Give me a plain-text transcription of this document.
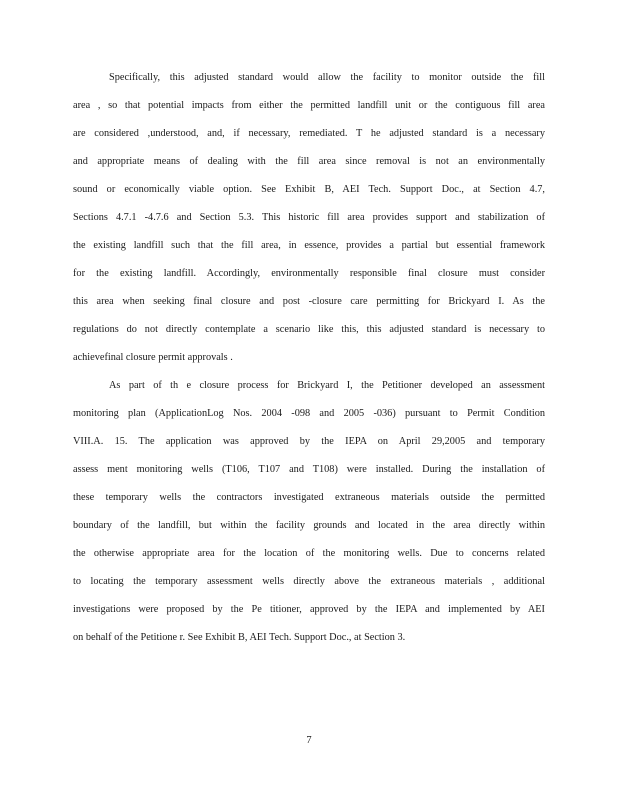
Specifically, this adjusted standard would allow the facility to monitor outside the fill
area , so that potential impacts from either the permitted landfill unit or the contiguous fill area
are considered ,understood, and, if necessary, remediated. T he adjusted standard is a necessary
and appropriate means of dealing with the fill area since removal is not an environmentally
sound or economically viable option. See Exhibit B, AEI Tech. Support Doc., at Section 4.7,
Sections 4.7.1 -4.7.6 and Section 5.3. This historic fill area provides support and stabilization of
the existing landfill such that the fill area, in essence, provides a partial but essential framework
for the existing landfill. Accordingly, environmentally responsible final closure must consider
this area when seeking final closure and post -closure care permitting for Brickyard I. As the
regulations do not directly contemplate a scenario like this, this adjusted standard is necessary to
achievefinal closure permit approvals .
As part of th e closure process for Brickyard I, the Petitioner developed an assessment
monitoring plan (ApplicationLog Nos. 2004 -098 and 2005 -036) pursuant to Permit Condition
VIII.A. 15. The application was approved by the IEPA on April 29,2005 and temporary
assess ment monitoring wells (T106, T107 and T108) were installed. During the installation of
these temporary wells the contractors investigated extraneous materials outside the permitted
boundary of the landfill, but within the facility grounds and located in the area directly within
the otherwise appropriate area for the location of the monitoring wells. Due to concerns related
to locating the temporary assessment wells directly above the extraneous materials , additional
investigations were proposed by the Pe titioner, approved by the IEPA and implemented by AEI
on behalf of the Petitione r. See Exhibit B, AEI Tech. Support Doc., at Section 3.
7
